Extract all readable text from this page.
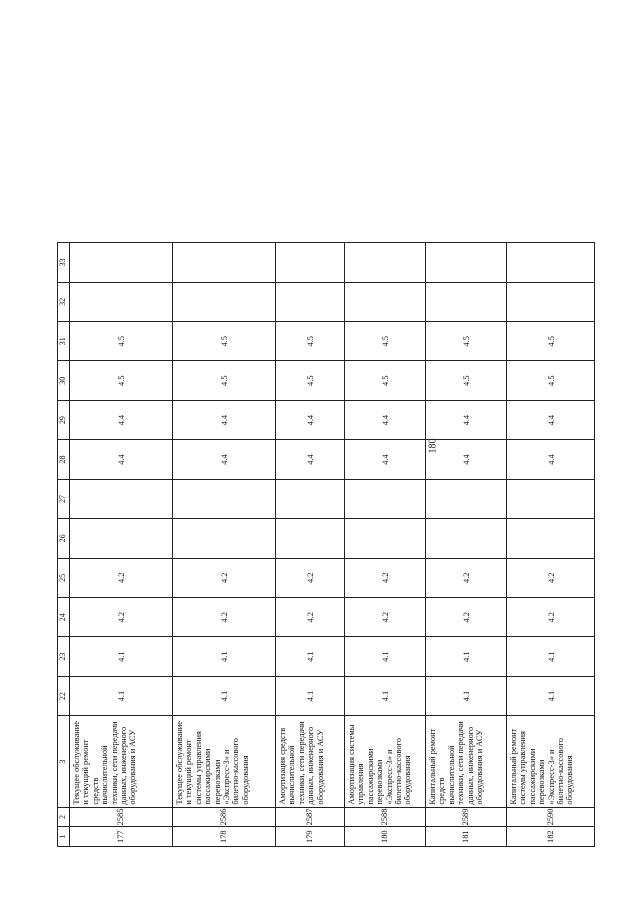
180
1	2	3	22	23	24	25	26	27	28	29	30	31	32	33
177	2585	Текущее обслуживание и текущий ремонт средств вычислительной техники, сети передачи данных, инженерного оборудования и АСУ	4.1	4.1	4.2	4.2			4.4	4.4	4.5	4.5		
178	2586	Текущее обслуживание и текущий ремонт системы управления пассажирскими перевозками «Экспресс-3» и билетно-кассового оборудования	4.1	4.1	4.2	4.2			4.4	4.4	4.5	4.5		
179	2587	Амортизация средств вычислительной техники, сети передачи данных, инженерного оборудования и АСУ	4.1	4.1	4.2	4.2			4.4	4.4	4.5	4.5		
180	2588	Амортизация системы управления пассажирскими перевозками «Экспресс-3» и билетно-кассового оборудования	4.1	4.1	4.2	4.2			4.4	4.4	4.5	4.5		
181	2589	Капитальный ремонт средств вычислительной техники, сети передачи данных, инженерного оборудования и АСУ	4.1	4.1	4.2	4.2			4.4	4.4	4.5	4.5		
182	2590	Капитальный ремонт системы управления пассажирскими перевозками «Экспресс-3» и билетно-кассового оборудования	4.1	4.1	4.2	4.2			4.4	4.4	4.5	4.5		
